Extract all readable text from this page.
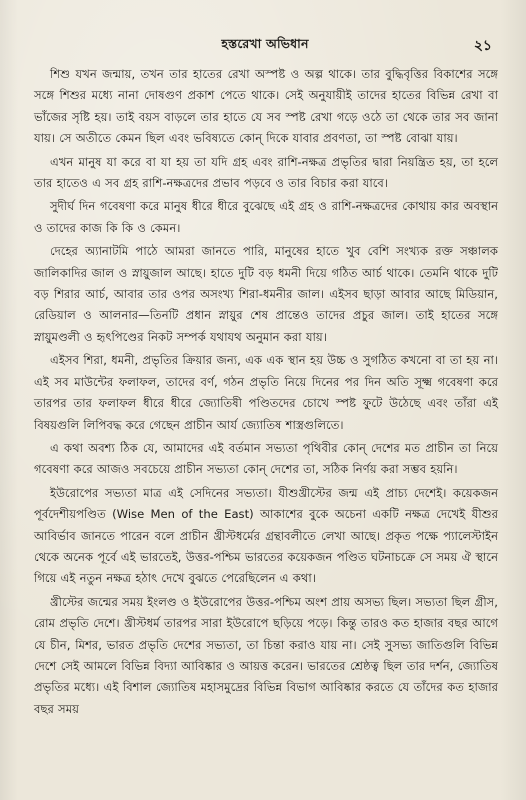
হস্তরেখা অভিধান	২১

শিশু যখন জন্মায়, তখন তার হাতের রেখা অস্পষ্ট ও অল্প থাকে। তার বুদ্ধিবৃত্তির বিকাশের সঙ্গে সঙ্গে শিশুর মধ্যে নানা দোষগুণ প্রকাশ পেতে থাকে। সেই অনুযায়ীই তাদের হাতের বিভিন্ন রেখা বা ভাঁজের সৃষ্টি হয়। তাই বয়স বাড়লে তার হাতে যে সব স্পষ্ট রেখা গড়ে ওঠে তা থেকে তার সব জানা যায়। সে অতীতে কেমন ছিল এবং ভবিষ্যতে কোন্ দিকে যাবার প্রবণতা, তা স্পষ্ট বোঝা যায়।

এখন মানুষ যা করে বা যা হয় তা যদি গ্রহ এবং রাশি-নক্ষত্র প্রভৃতির দ্বারা নিয়ন্ত্রিত হয়, তা হলে তার হাতেও এ সব গ্রহ রাশি-নক্ষত্রদের প্রভাব পড়বে ও তার বিচার করা যাবে।

সুদীর্ঘ দিন গবেষণা করে মানুষ ধীরে ধীরে বুঝেছে এই গ্রহ ও রাশি-নক্ষত্রদের কোথায় কার অবস্থান ও তাদের কাজ কি কি ও কেমন।

দেহের অ্যানাটমি পাঠে আমরা জানতে পারি, মানুষের হাতে খুব বেশি সংখ্যক রক্ত সঞ্চালক জালিকাদির জাল ও স্নায়ুজাল আছে। হাতে দুটি বড় ধমনী দিয়ে গঠিত আর্চ থাকে। তেমনি থাকে দুটি বড় শিরার আর্চ, আবার তার ওপর অসংখ্য শিরা-ধমনীর জাল। এইসব ছাড়া আবার আছে মিডিয়ান, রেডিয়াল ও আলনার—তিনটি প্রধান স্নায়ুর শেষ প্রান্তেও তাদের প্রচুর জাল। তাই হাতের সঙ্গে স্নায়ুমণ্ডলী ও হৃৎপিণ্ডের নিকট সম্পর্ক যথাযথ অনুমান করা যায়।

এইসব শিরা, ধমনী, প্রভৃতির ক্রিয়ার জন্য, এক এক স্থান হয় উচ্চ ও সুগঠিত কখনো বা তা হয় না। এই সব মাউন্টের ফলাফল, তাদের বর্ণ, গঠন প্রভৃতি নিয়ে দিনের পর দিন অতি সূক্ষ্ম গবেষণা করে তারপর তার ফলাফল ধীরে ধীরে জ্যোতিষী পণ্ডিতদের চোখে স্পষ্ট ফুটে উঠেছে এবং তাঁরা এই বিষয়গুলি লিপিবদ্ধ করে গেছেন প্রাচীন আর্য জ্যোতিষ শাস্ত্রগুলিতে।

এ কথা অবশ্য ঠিক যে, আমাদের এই বর্তমান সভ্যতা পৃথিবীর কোন্ দেশের মত প্রাচীন তা নিয়ে গবেষণা করে আজও সবচেয়ে প্রাচীন সভ্যতা কোন্ দেশের তা, সঠিক নির্ণয় করা সম্ভব হয়নি।

ইউরোপের সভ্যতা মাত্র এই সেদিনের সভ্যতা। যীশুখ্রীস্টের জন্ম এই প্রাচ্য দেশেই। কয়েকজন পূর্বদেশীয়পণ্ডিত (Wise Men of the East) আকাশের বুকে অচেনা একটি নক্ষত্র দেখেই যীশুর আবির্ভাব জানতে পারেন বলে প্রাচীন খ্রীস্টধর্মের গ্রন্থাবলীতে লেখা আছে। প্রকৃত পক্ষে প্যালেস্টাইন থেকে অনেক পূর্বে এই ভারতেই, উত্তর-পশ্চিম ভারতের কয়েকজন পণ্ডিত ঘটনাচক্রে সে সময় ঐ স্থানে গিয়ে এই নতুন নক্ষত্র হঠাৎ দেখে বুঝতে পেরেছিলেন এ কথা।

খ্রীস্টের জন্মের সময় ইংলণ্ড ও ইউরোপের উত্তর-পশ্চিম অংশ প্রায় অসভ্য ছিল। সভ্যতা ছিল গ্রীস, রোম প্রভৃতি দেশে। খ্রীস্টধর্ম তারপর সারা ইউরোপে ছড়িয়ে পড়ে। কিন্তু তারও কত হাজার বছর আগে যে চীন, মিশর, ভারত প্রভৃতি দেশের সভ্যতা, তা চিন্তা করাও যায় না। সেই সুসভ্য জাতিগুলি বিভিন্ন দেশে সেই আমলে বিভিন্ন বিদ্যা আবিষ্কার ও আয়ত্ত করেন। ভারতের শ্রেষ্ঠত্ব ছিল তার দর্শন, জ্যোতিষ প্রভৃতির মধ্যে। এই বিশাল জ্যোতিষ মহাসমুদ্রের বিভিন্ন বিভাগ আবিষ্কার করতে যে তাঁদের কত হাজার বছর সময়
